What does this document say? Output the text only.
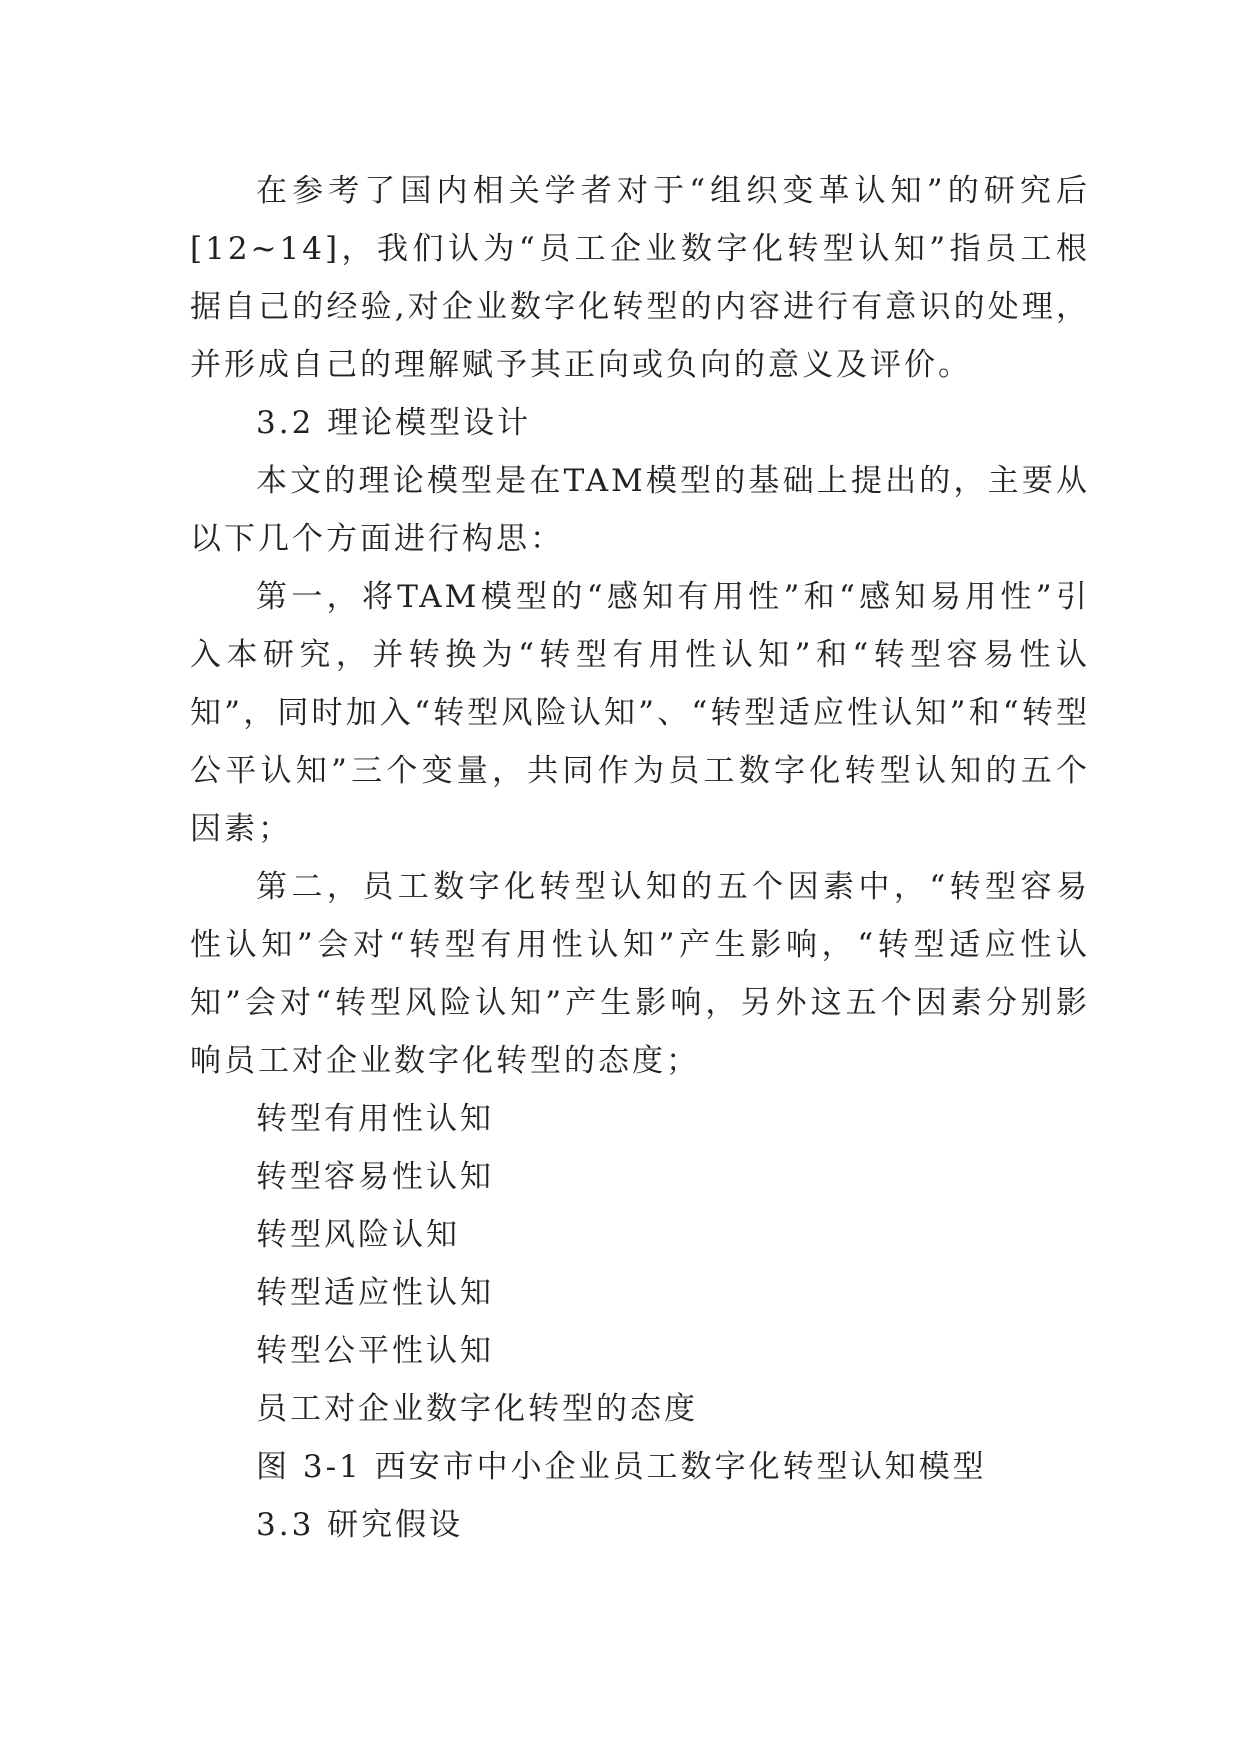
在参考了国内相关学者对于“组织变革认知”的研究后[12~14]，我们认为“员工企业数字化转型认知”指员工根据自己的经验,对企业数字化转型的内容进行有意识的处理，并形成自己的理解赋予其正向或负向的意义及评价。

3.2 理论模型设计

本文的理论模型是在TAM模型的基础上提出的，主要从以下几个方面进行构思：

第一，将TAM模型的“感知有用性”和“感知易用性”引入本研究，并转换为“转型有用性认知”和“转型容易性认知”，同时加入“转型风险认知”、“转型适应性认知”和“转型公平认知”三个变量，共同作为员工数字化转型认知的五个因素；

第二，员工数字化转型认知的五个因素中，“转型容易性认知”会对“转型有用性认知”产生影响，“转型适应性认知”会对“转型风险认知”产生影响，另外这五个因素分别影响员工对企业数字化转型的态度；

转型有用性认知

转型容易性认知

转型风险认知

转型适应性认知

转型公平性认知

员工对企业数字化转型的态度

图 3-1 西安市中小企业员工数字化转型认知模型

3.3 研究假设
